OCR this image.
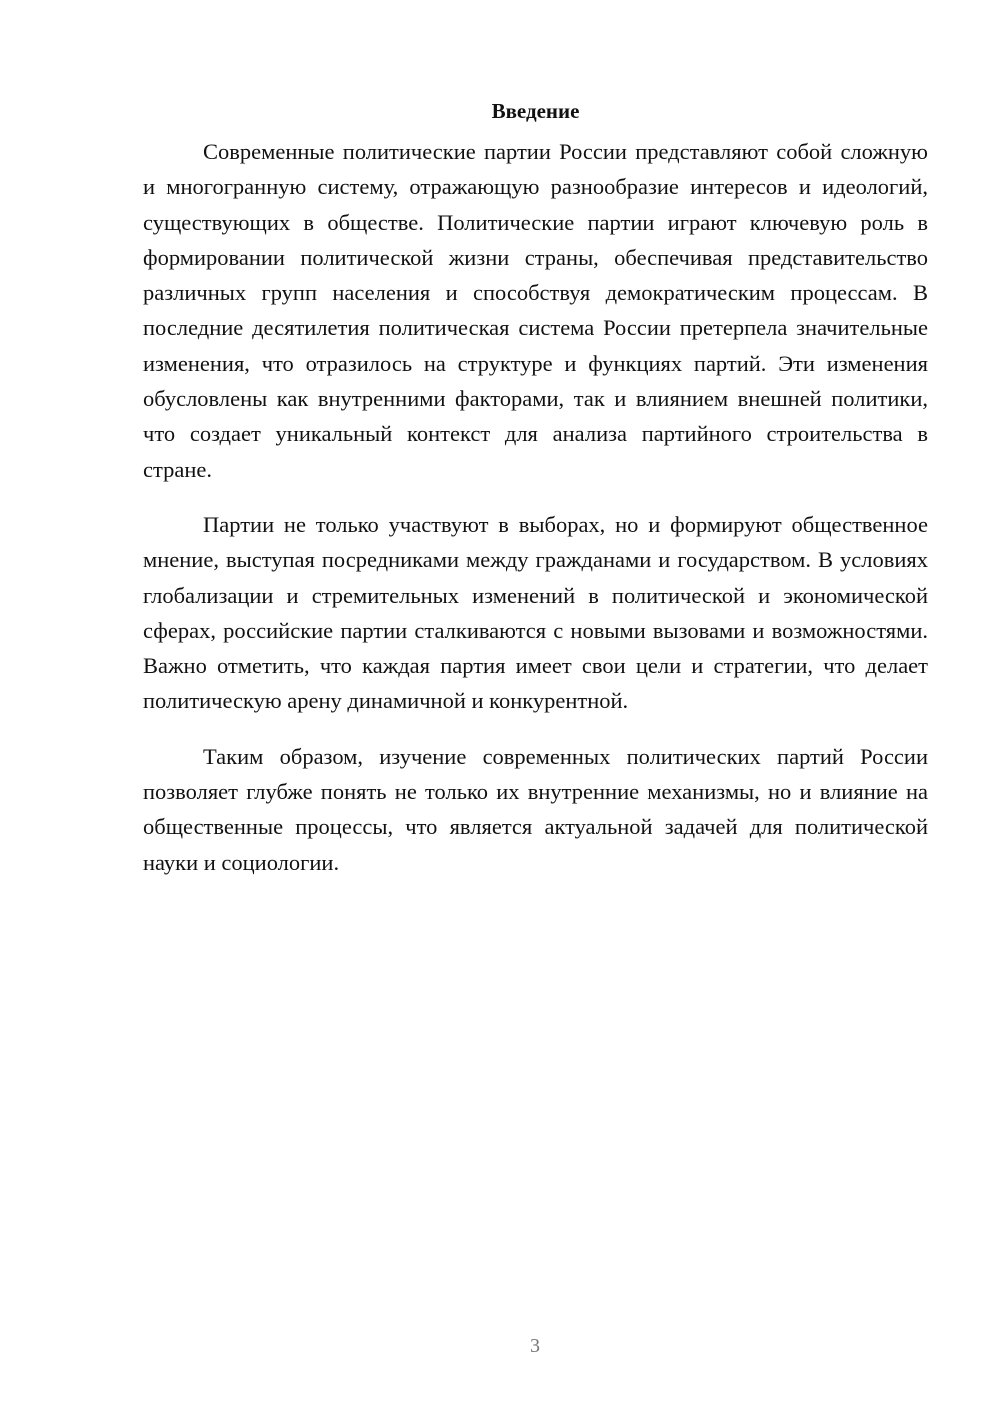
Введение

Современные политические партии России представляют собой сложную и многогранную систему, отражающую разнообразие интересов и идеологий, существующих в обществе. Политические партии играют ключевую роль в формировании политической жизни страны, обеспечивая представительство различных групп населения и способствуя демократическим процессам. В последние десятилетия политическая система России претерпела значительные изменения, что отразилось на структуре и функциях партий. Эти изменения обусловлены как внутренними факторами, так и влиянием внешней политики, что создает уникальный контекст для анализа партийного строительства в стране.

Партии не только участвуют в выборах, но и формируют общественное мнение, выступая посредниками между гражданами и государством. В условиях глобализации и стремительных изменений в политической и экономической сферах, российские партии сталкиваются с новыми вызовами и возможностями. Важно отметить, что каждая партия имеет свои цели и стратегии, что делает политическую арену динамичной и конкурентной.

Таким образом, изучение современных политических партий России позволяет глубже понять не только их внутренние механизмы, но и влияние на общественные процессы, что является актуальной задачей для политической науки и социологии.

3
